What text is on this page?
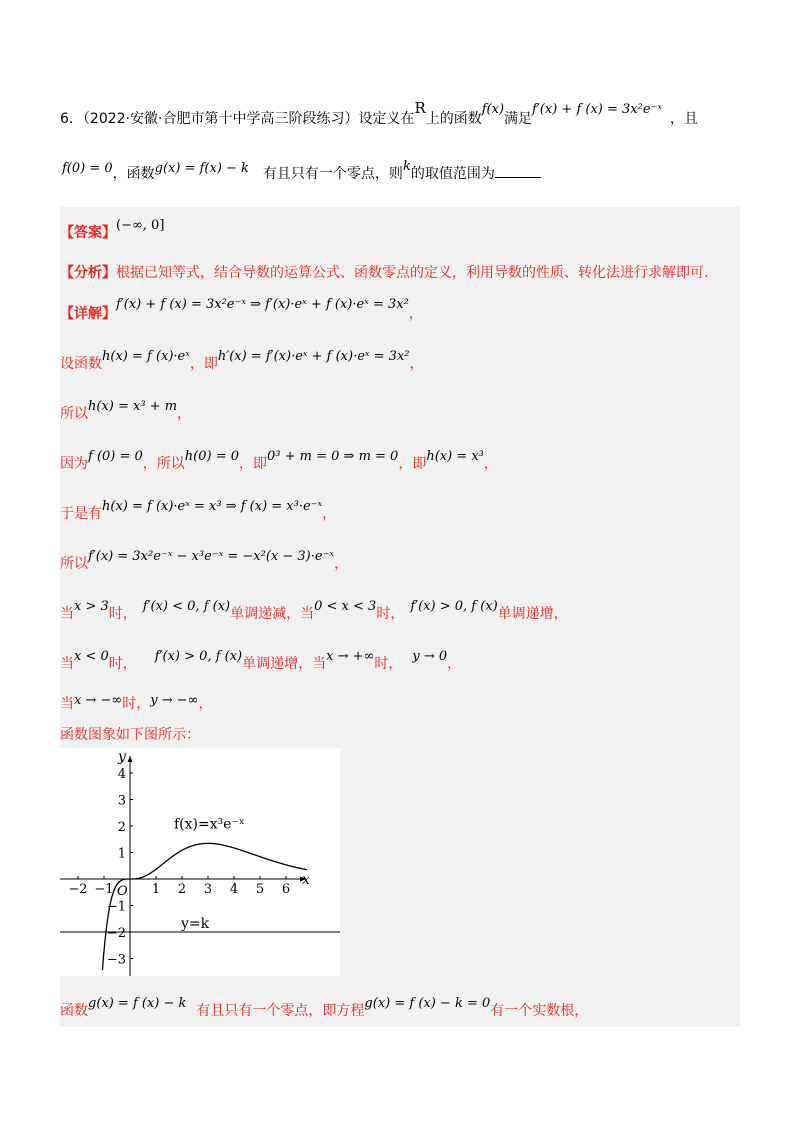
6．（2022·安徽·合肥市第十中学高三阶段练习）设定义在R上的函数f(x)满足f′(x) + f (x) = 3x²e⁻ˣ，且
f(0) = 0，函数g(x) = f(x) − k 有且只有一个零点，则k的取值范围为
【答案】(−∞, 0]
【分析】根据已知等式，结合导数的运算公式、函数零点的定义，利用导数的性质、转化法进行求解即可.
【详解】f′(x) + f (x) = 3x²e⁻ˣ ⇒ f′(x)·eˣ + f (x)·eˣ = 3x²，
设函数h(x) = f (x)·eˣ，即h′(x) = f′(x)·eˣ + f (x)·eˣ = 3x²，
所以h(x) = x³ + m，
因为f (0) = 0，所以h(0) = 0，即0³ + m = 0 ⇒ m = 0，即h(x) = x³，
于是有h(x) = f (x)·eˣ = x³ ⇒ f (x) = x³·e⁻ˣ，
所以f′(x) = 3x²e⁻ˣ − x³e⁻ˣ = −x²(x − 3)·e⁻ˣ，
当x > 3时， f′(x) < 0, f (x)单调递减，当0 < x < 3时， f′(x) > 0, f (x)单调递增，
当x < 0时， f′(x) > 0, f (x)单调递增，当x → +∞时， y → 0，
当x → −∞时，y → −∞，
函数图象如下图所示：
y
x
O
−2 −1	1 2 3 4 5 6
4
3
2
1
−1
−2
−3
f(x)=x³e⁻ˣ
y=k
函数g(x) = f (x) − k 有且只有一个零点，即方程g(x) = f (x) − k = 0有一个实数根，
